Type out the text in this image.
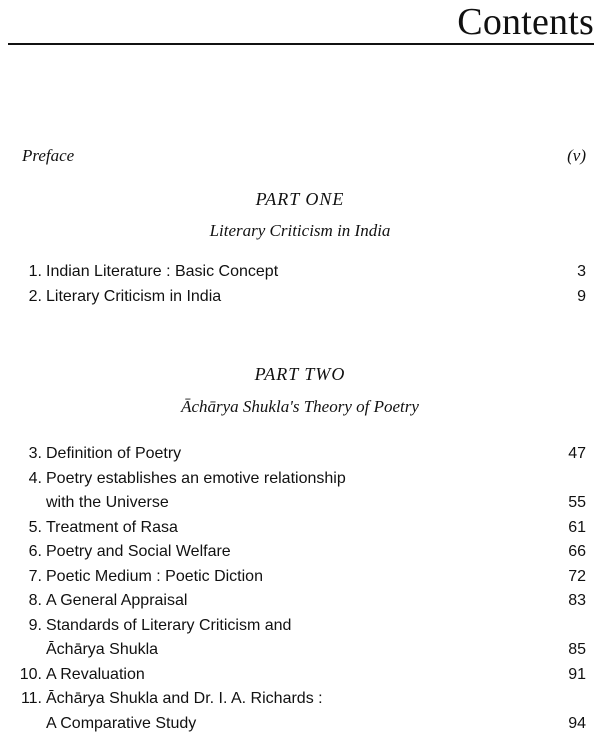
Contents
Preface	(v)
PART ONE
Literary Criticism in India
1. Indian Literature : Basic Concept	3
2. Literary Criticism in India	9
PART TWO
Āchārya Shukla's Theory of Poetry
3. Definition of Poetry	47
4. Poetry establishes an emotive relationship
with the Universe	55
5. Treatment of Rasa	61
6. Poetry and Social Welfare	66
7. Poetic Medium : Poetic Diction	72
8. A General Appraisal	83
9. Standards of Literary Criticism and
Āchārya Shukla	85
10. A Revaluation	91
11. Āchārya Shukla and Dr. I. A. Richards :
A Comparative Study	94
